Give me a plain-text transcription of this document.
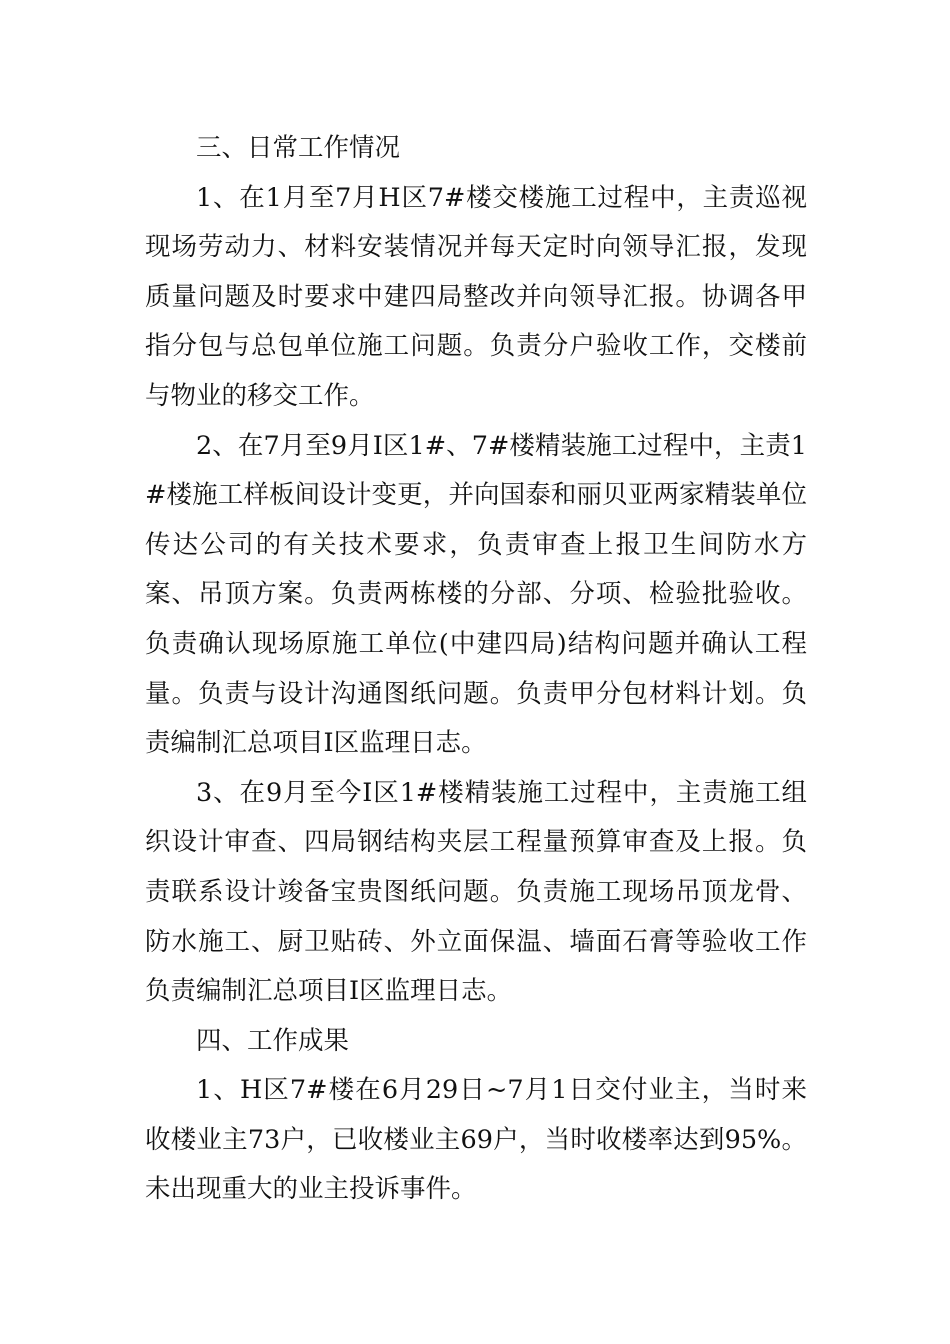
三、日常工作情况

1、在1月至7月H区7#楼交楼施工过程中，主责巡视现场劳动力、材料安装情况并每天定时向领导汇报，发现质量问题及时要求中建四局整改并向领导汇报。协调各甲指分包与总包单位施工问题。负责分户验收工作，交楼前与物业的移交工作。

2、在7月至9月I区1#、7#楼精装施工过程中，主责1#楼施工样板间设计变更，并向国泰和丽贝亚两家精装单位传达公司的有关技术要求，负责审查上报卫生间防水方案、吊顶方案。负责两栋楼的分部、分项、检验批验收。负责确认现场原施工单位(中建四局)结构问题并确认工程量。负责与设计沟通图纸问题。负责甲分包材料计划。负责编制汇总项目I区监理日志。

3、在9月至今I区1#楼精装施工过程中，主责施工组织设计审查、四局钢结构夹层工程量预算审查及上报。负责联系设计竣备宝贵图纸问题。负责施工现场吊顶龙骨、防水施工、厨卫贴砖、外立面保温、墙面石膏等验收工作负责编制汇总项目I区监理日志。

四、工作成果

1、H区7#楼在6月29日~7月1日交付业主，当时来收楼业主73户，已收楼业主69户，当时收楼率达到95%。未出现重大的业主投诉事件。
